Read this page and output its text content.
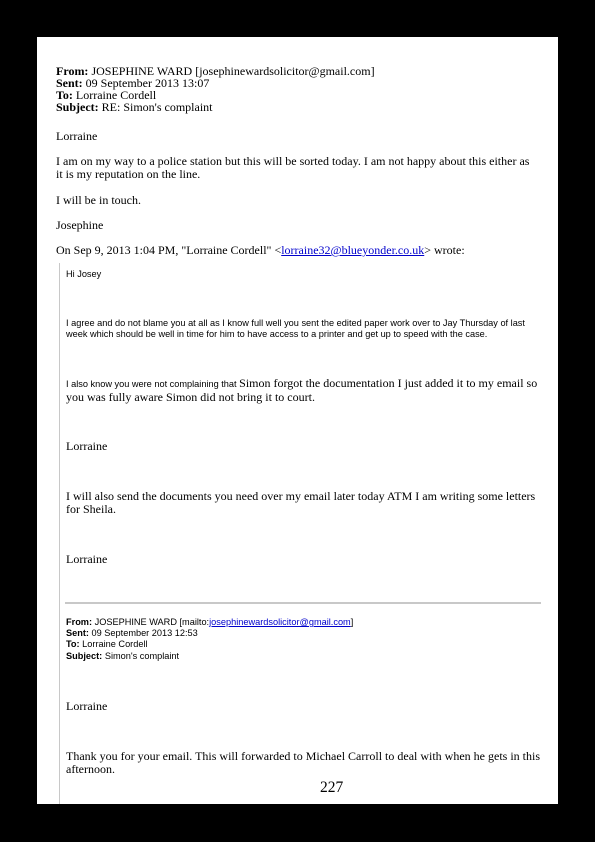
From: JOSEPHINE WARD [josephinewardsolicitor@gmail.com]
Sent: 09 September 2013 13:07
To: Lorraine Cordell
Subject: RE: Simon's complaint
Lorraine
I am on my way to a police station but this will be sorted today. I am not happy about this either as it is my reputation on the line.
I will be in touch.
Josephine
On Sep 9, 2013 1:04 PM, "Lorraine Cordell" <lorraine32@blueyonder.co.uk> wrote:
Hi Josey
I agree and do not blame you at all as I know full well you sent the edited paper work over to Jay Thursday of last week which should be well in time for him to have access to a printer and get up to speed with the case.
I also know you were not complaining that Simon forgot the documentation I just added it to my email so you was fully aware Simon did not bring it to court.
Lorraine
I will also send the documents you need over my email later today ATM I am writing some letters for Sheila.
Lorraine
From: JOSEPHINE WARD [mailto:josephinewardsolicitor@gmail.com]
Sent: 09 September 2013 12:53
To: Lorraine Cordell
Subject: Simon's complaint
Lorraine
Thank you for your email. This will forwarded to Michael Carroll to deal with when he gets in this afternoon.
227
